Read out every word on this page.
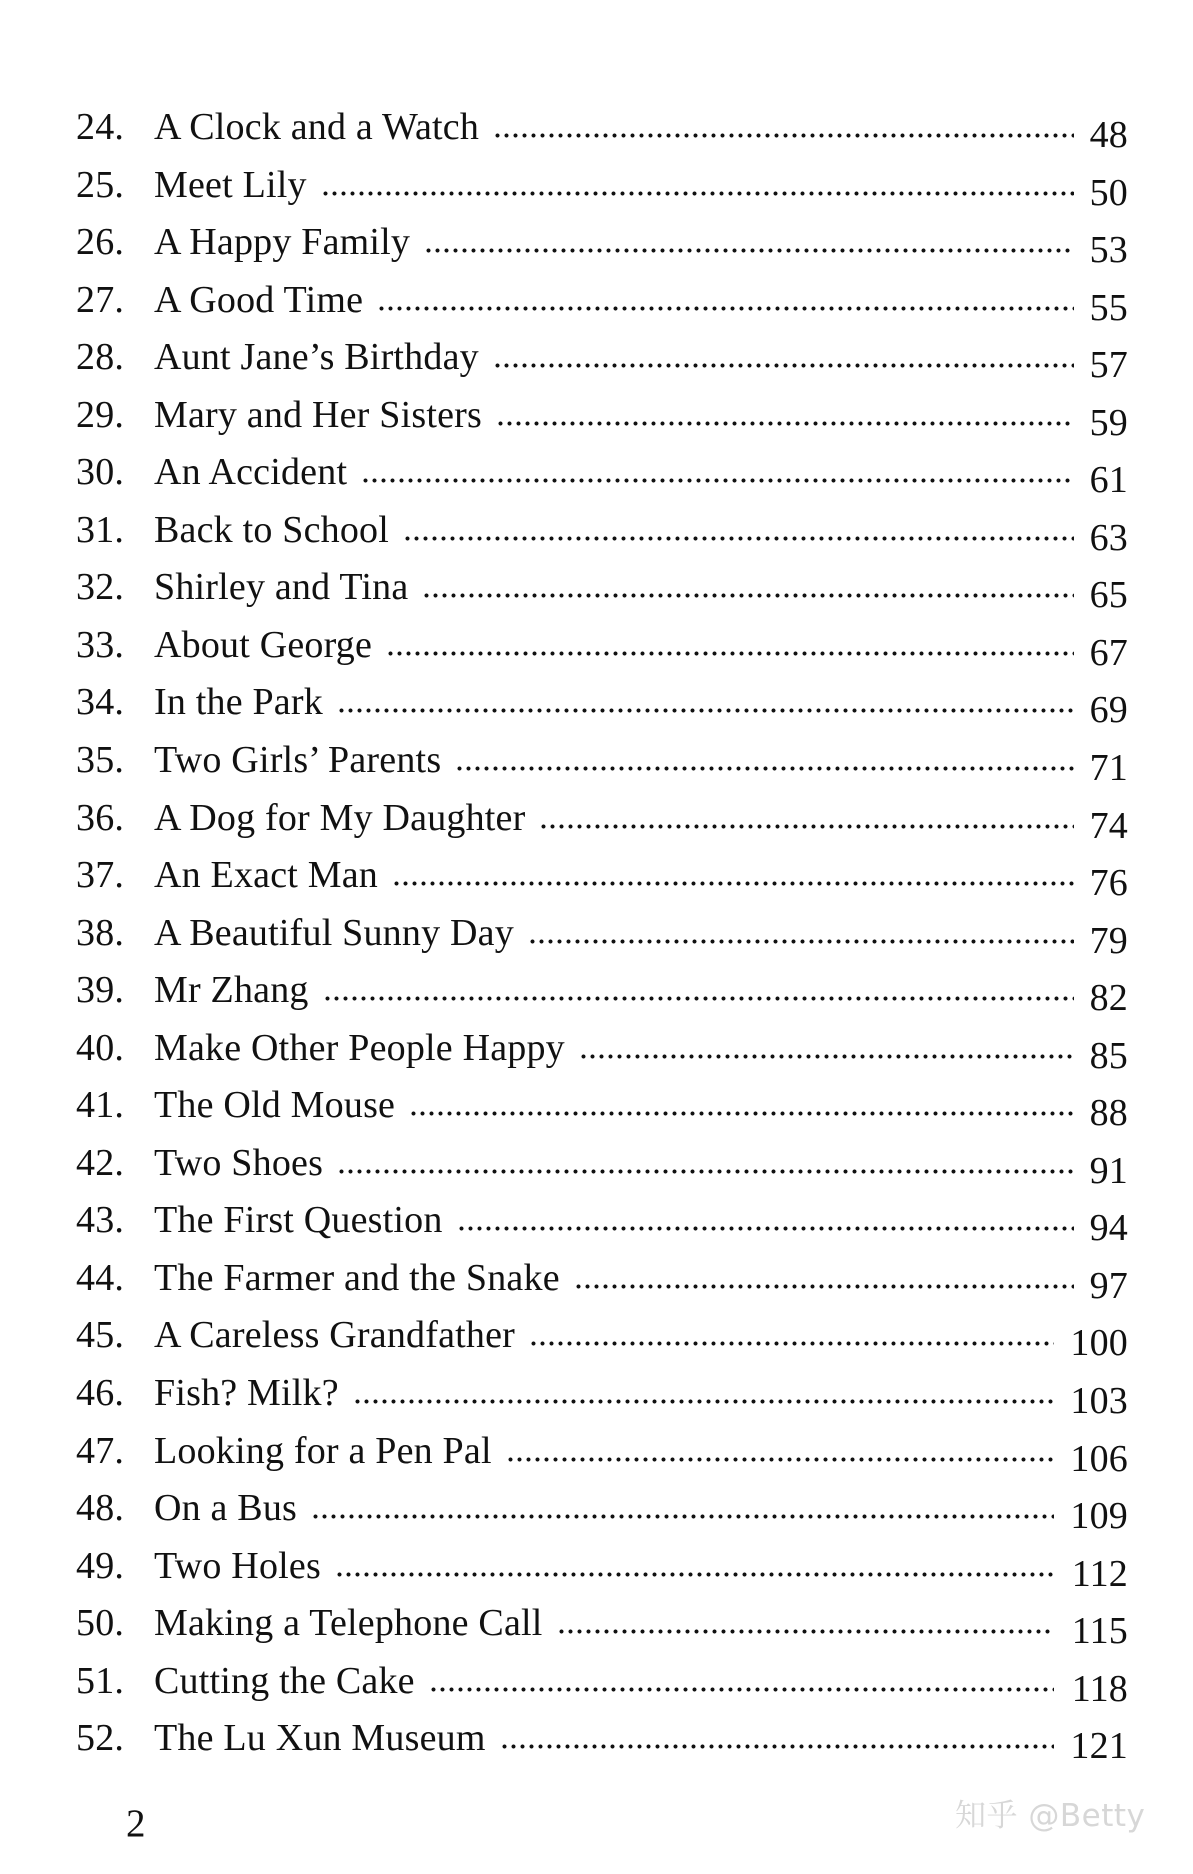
24. A Clock and a Watch	48
25. Meet Lily	50
26. A Happy Family	53
27. A Good Time	55
28. Aunt Jane’s Birthday	57
29. Mary and Her Sisters	59
30. An Accident	61
31. Back to School	63
32. Shirley and Tina	65
33. About George	67
34. In the Park	69
35. Two Girls’ Parents	71
36. A Dog for My Daughter	74
37. An Exact Man	76
38. A Beautiful Sunny Day	79
39. Mr Zhang	82
40. Make Other People Happy	85
41. The Old Mouse	88
42. Two Shoes	91
43. The First Question	94
44. The Farmer and the Snake	97
45. A Careless Grandfather	100
46. Fish? Milk?	103
47. Looking for a Pen Pal	106
48. On a Bus	109
49. Two Holes	112
50. Making a Telephone Call	115
51. Cutting the Cake	118
52. The Lu Xun Museum	121
2	知乎 @Betty
